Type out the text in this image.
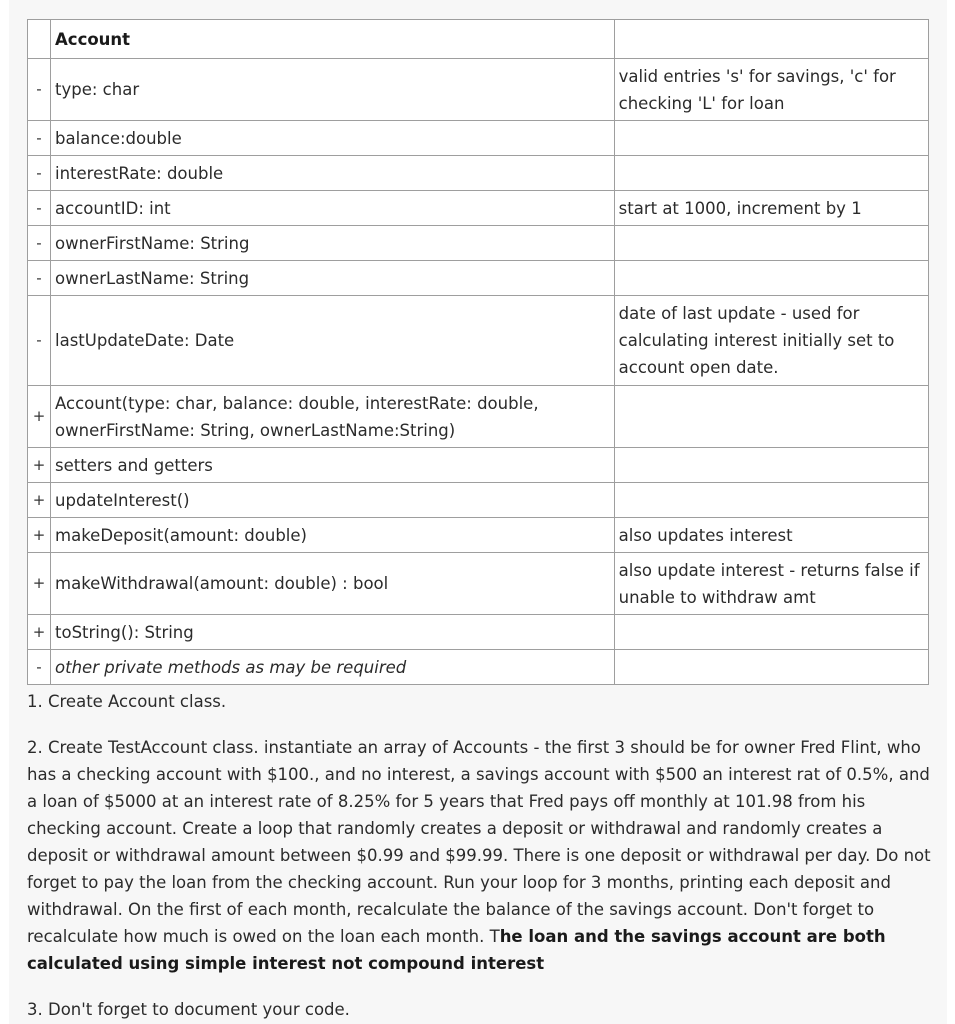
	Account	
-	type: char	valid entries 's' for savings, 'c' for checking 'L' for loan
-	balance:double	
-	interestRate: double	
-	accountID: int	start at 1000, increment by 1
-	ownerFirstName: String	
-	ownerLastName: String	
-	lastUpdateDate: Date	date of last update - used for calculating interest initially set to account open date.
+	Account(type: char, balance: double, interestRate: double, ownerFirstName: String, ownerLastName:String)	
+	setters and getters	
+	updateInterest()	
+	makeDeposit(amount: double)	also updates interest
+	makeWithdrawal(amount: double) : bool	also update interest - returns false if unable to withdraw amt
+	toString(): String	
-	other private methods as may be required	

1. Create Account class.

2. Create TestAccount class. instantiate an array of Accounts - the first 3 should be for owner Fred Flint, who has a checking account with $100., and no interest, a savings account with $500 an interest rat of 0.5%, and a loan of $5000 at an interest rate of 8.25% for 5 years that Fred pays off monthly at 101.98 from his checking account. Create a loop that randomly creates a deposit or withdrawal and randomly creates a deposit or withdrawal amount between $0.99 and $99.99. There is one deposit or withdrawal per day. Do not forget to pay the loan from the checking account. Run your loop for 3 months, printing each deposit and withdrawal. On the first of each month, recalculate the balance of the savings account. Don't forget to recalculate how much is owed on the loan each month. The loan and the savings account are both calculated using simple interest not compound interest

3. Don't forget to document your code.
